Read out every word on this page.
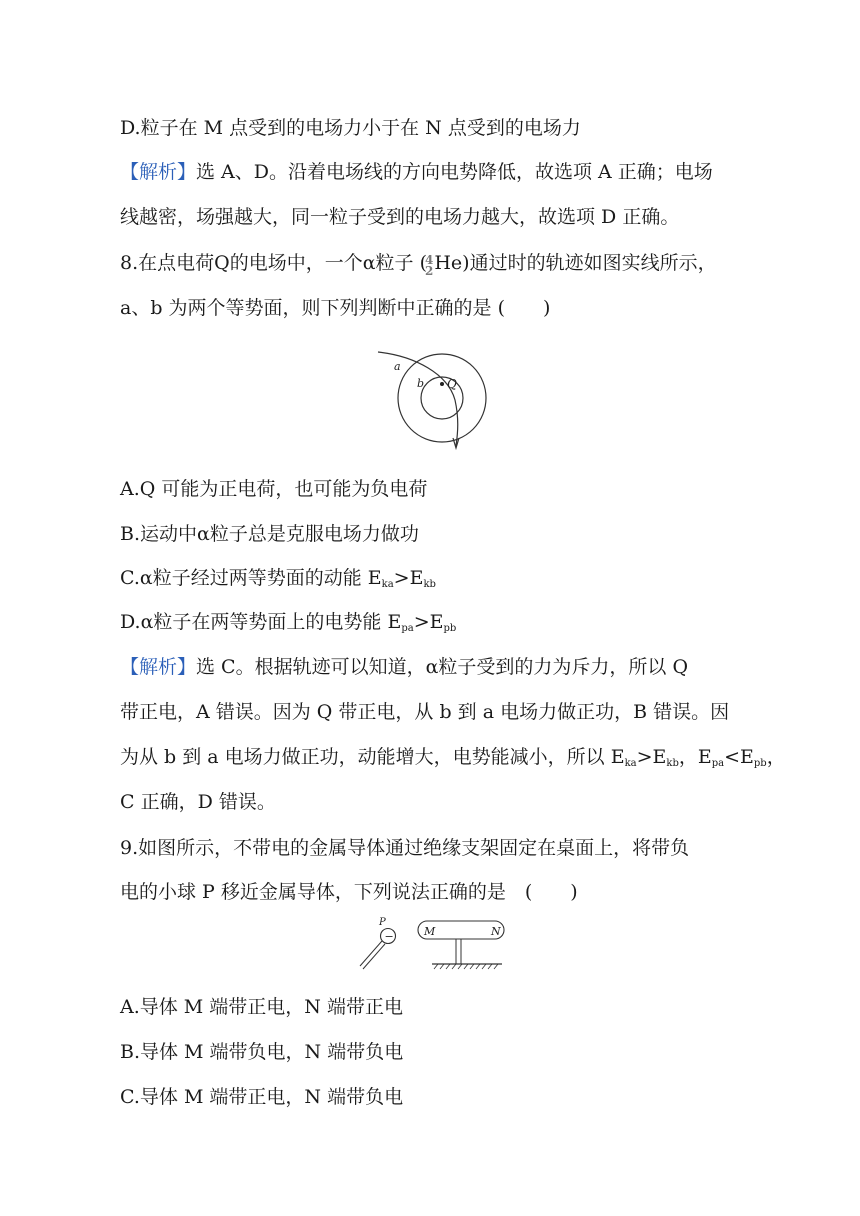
D.粒子在 M 点受到的电场力小于在 N 点受到的电场力
【解析】选 A、D。沿着电场线的方向电势降低，故选项 A 正确；电场
线越密，场强越大，同一粒子受到的电场力越大，故选项 D 正确。
8.在点电荷Q的电场中，一个α粒子 (4
2He)通过时的轨迹如图实线所示，
a、b 为两个等势面，则下列判断中正确的是 (　　)
a
b Q
A.Q 可能为正电荷，也可能为负电荷
B.运动中α粒子总是克服电场力做功
C.α粒子经过两等势面的动能 $E_{ka}>E_{kb}$
D.α粒子在两等势面上的电势能 $E_{pa}>E_{pb}$
【解析】选 C。根据轨迹可以知道，α粒子受到的力为斥力，所以 Q
带正电，A 错误。因为 Q 带正电，从 b 到 a 电场力做正功，B 错误。因
为从 b 到 a 电场力做正功，动能增大，电势能减小，所以 $E_{ka}>E_{kb}$，$E_{pa}<E_{pb}$，
C 正确，D 错误。
9.如图所示，不带电的金属导体通过绝缘支架固定在桌面上，将带负
电的小球 P 移近金属导体，下列说法正确的是　(　　)
−
P
M	N
A.导体 M 端带正电，N 端带正电
B.导体 M 端带负电，N 端带负电
C.导体 M 端带正电，N 端带负电
